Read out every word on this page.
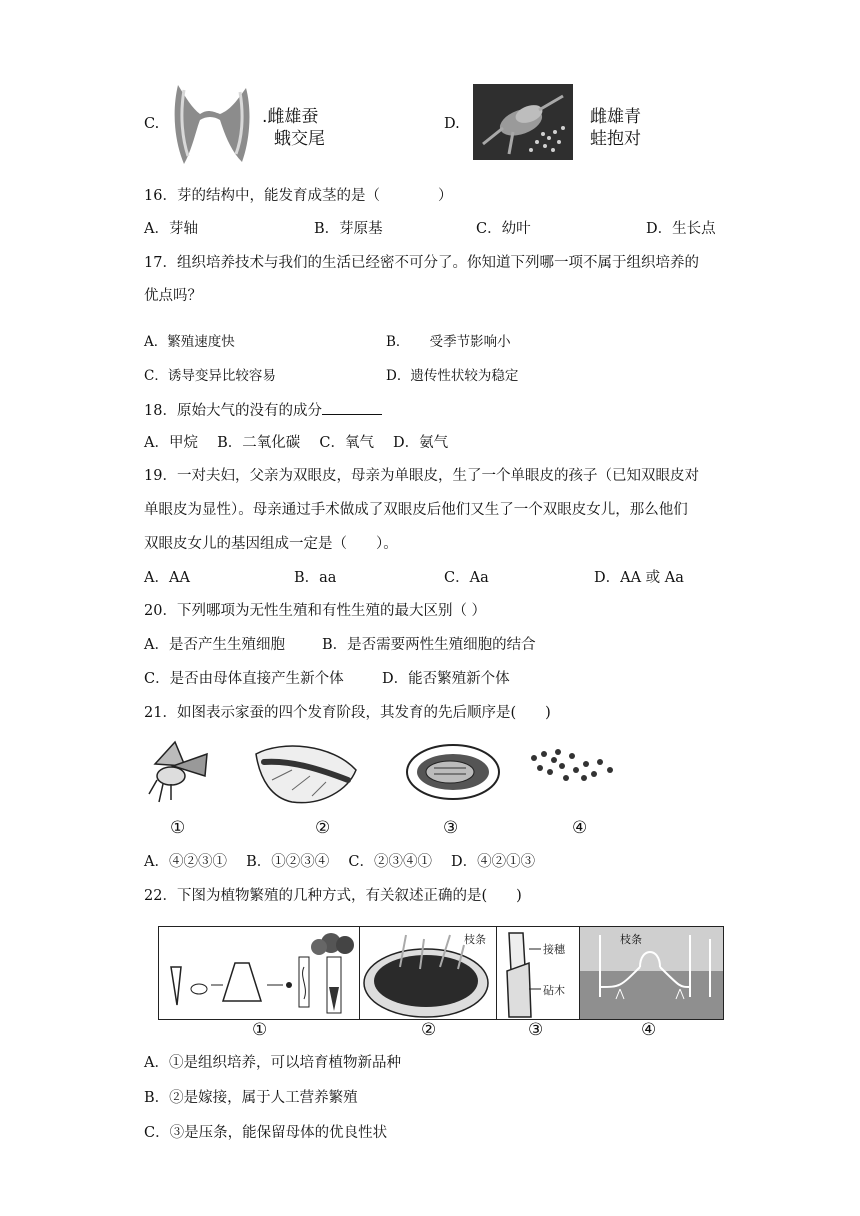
C.	.雌雄蚕
蛾交尾
D.	雌雄青
蛙抱对
16．芽的结构中，能发育成茎的是（　　　　）
A．芽轴	B．芽原基	C．幼叶	D．生长点
17．组织培养技术与我们的生活已经密不可分了。你知道下列哪一项不属于组织培养的
优点吗？
A．繁殖速度快	B．　　受季节影响小
C．诱导变异比较容易	D．遗传性状较为稳定
18．原始大气的没有的成分
A．甲烷　 B．二氧化碳　 C．氧气　 D．氨气
19．一对夫妇，父亲为双眼皮，母亲为单眼皮，生了一个单眼皮的孩子（已知双眼皮对
单眼皮为显性）。母亲通过手术做成了双眼皮后他们又生了一个双眼皮女儿，那么他们
双眼皮女儿的基因组成一定是（　　）。
A．AA	B．aa	C．Aa	D．AA 或 Aa
20．下列哪项为无性生殖和有性生殖的最大区别（ ）
A．是否产生生殖细胞	B．是否需要两性生殖细胞的结合
C．是否由母体直接产生新个体	D．能否繁殖新个体
21．如图表示家蚕的四个发育阶段，其发育的先后顺序是(　　)
①	②	③	④
A．④②③①　 B．①②③④　 C．②③④①　 D．④②①③
22．下图为植物繁殖的几种方式，有关叙述正确的是(　　)
枝条
接穗
砧木
枝条
①	②	③	④
A．①是组织培养，可以培育植物新品种
B．②是嫁接，属于人工营养繁殖
C．③是压条，能保留母体的优良性状
